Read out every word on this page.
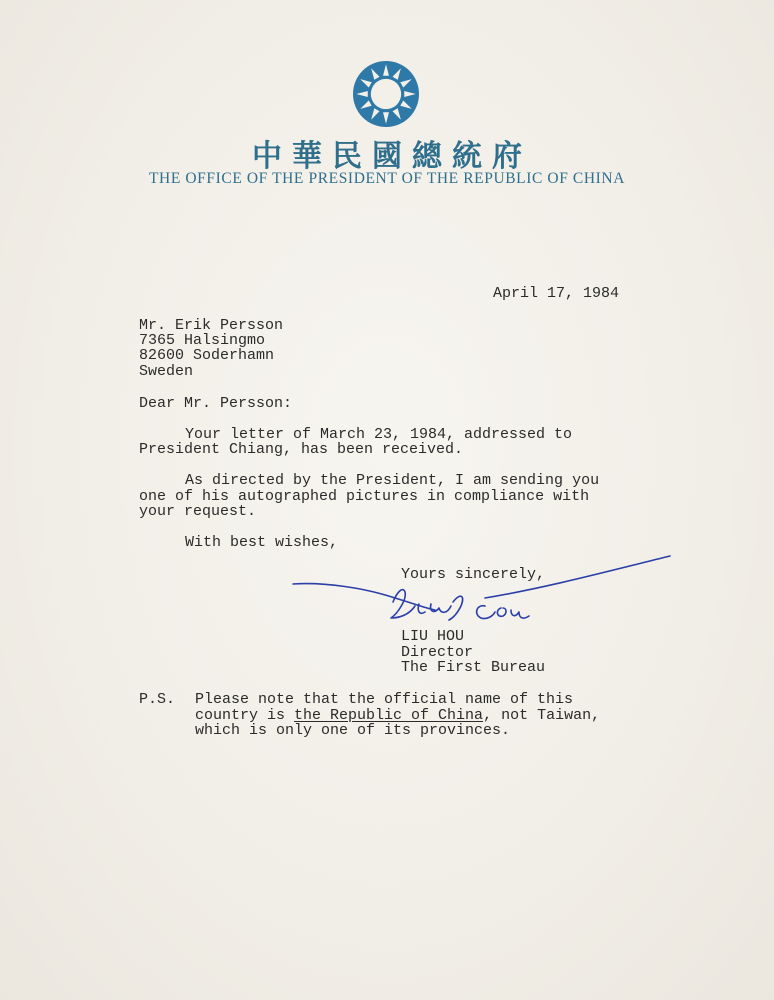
中華民國總統府
THE OFFICE OF THE PRESIDENT OF THE REPUBLIC OF CHINA
April 17, 1984
Mr. Erik Persson
7365 Halsingmo
82600 Soderhamn
Sweden
Dear Mr. Persson:
Your letter of March 23, 1984, addressed to
President Chiang, has been received.
As directed by the President, I am sending you
one of his autographed pictures in compliance with
your request.
With best wishes,
Yours sincerely,
LIU HOU
Director
The First Bureau
P.S. Please note that the official name of this
country is the Republic of China, not Taiwan,
which is only one of its provinces.
